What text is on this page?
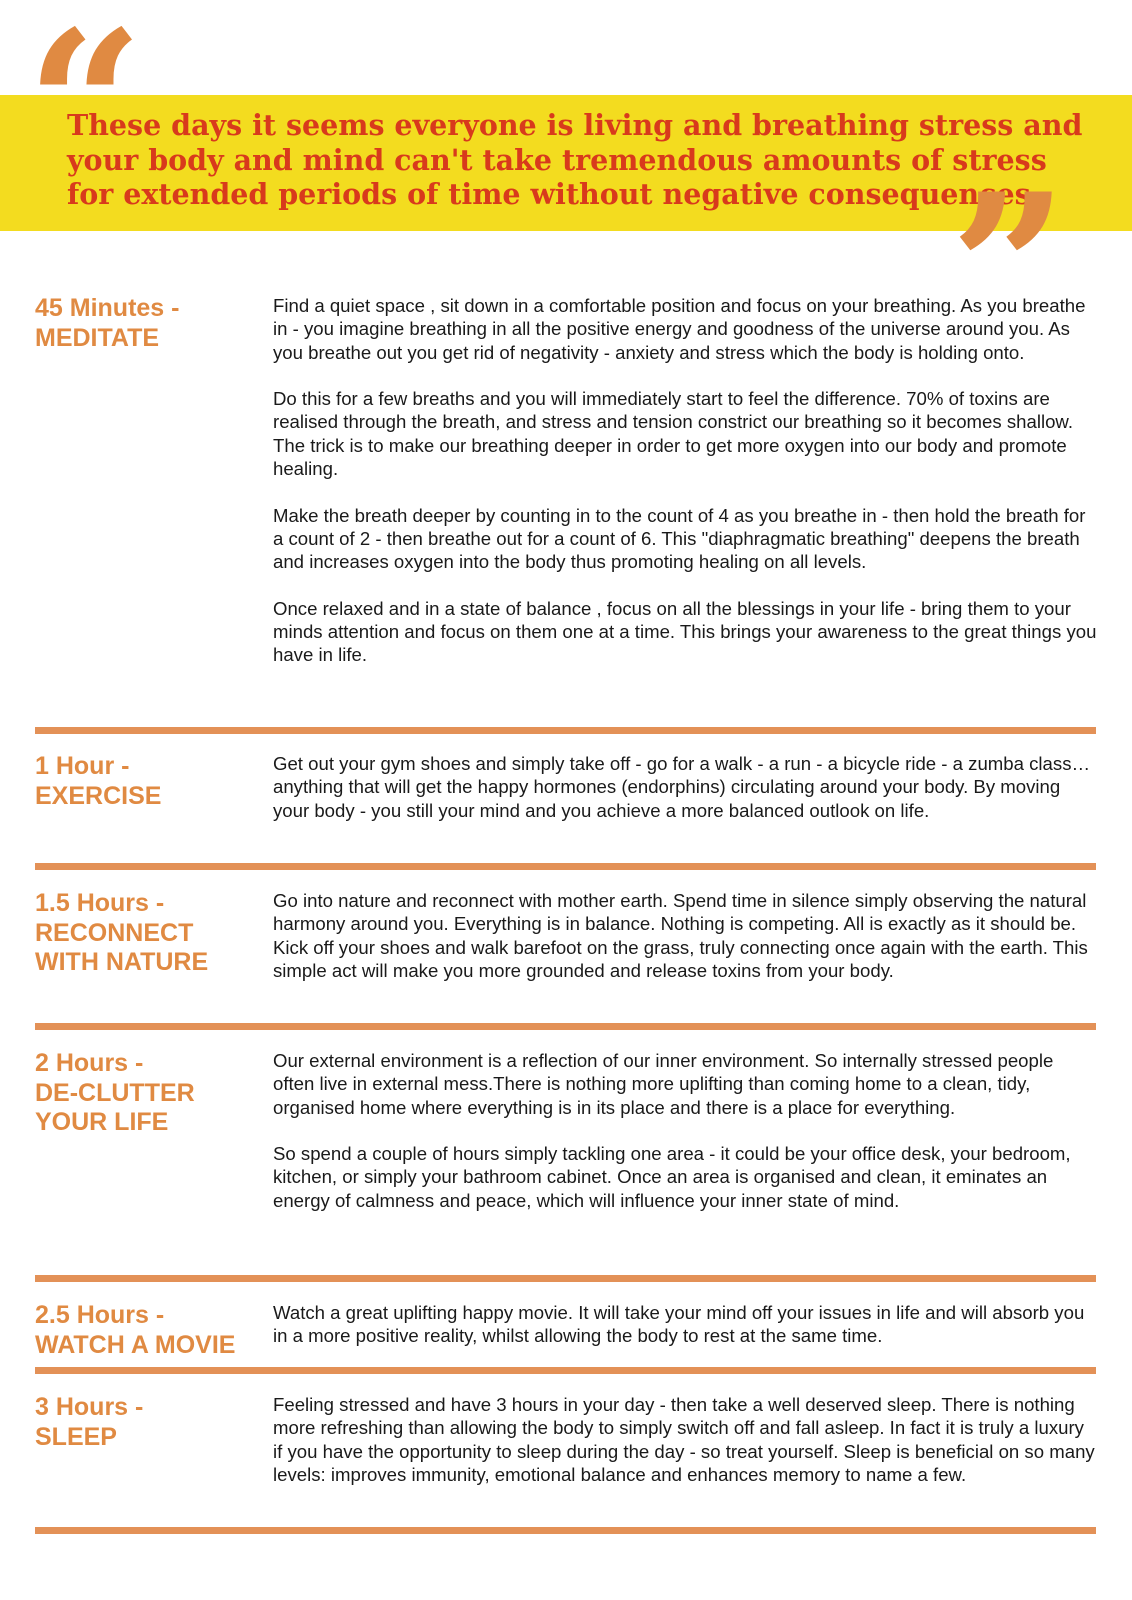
“

These days it seems everyone is living and breathing stress and
your body and mind can't take tremendous amounts of stress
for extended periods of time without negative consequences.

”
45 Minutes -
MEDITATE

Find a quiet space , sit down in a comfortable position and focus on your breathing. As you breathe in - you imagine breathing in all the positive energy and goodness of the universe around you. As you breathe out you get rid of negativity - anxiety and stress which the body is holding onto.

Do this for a few breaths and you will immediately start to feel the difference. 70% of toxins are realised through the breath, and stress and tension constrict our breathing so it becomes shallow. The trick is to make our breathing deeper in order to get more oxygen into our body and promote healing.

Make the breath deeper by counting in to the count of 4 as you breathe in - then hold the breath for a count of 2 - then breathe out for a count of 6. This "diaphragmatic breathing" deepens the breath and increases oxygen into the body thus promoting healing on all levels.

Once relaxed and in a state of balance , focus on all the blessings in your life - bring them to your minds attention and focus on them one at a time. This brings your awareness to the great things you have in life.

1 Hour -
EXERCISE

Get out your gym shoes and simply take off - go for a walk - a run - a bicycle ride - a zumba class…anything that will get the happy hormones (endorphins) circulating around your body. By moving your body - you still your mind and you achieve a more balanced outlook on life.

1.5 Hours -
RECONNECT
WITH NATURE

Go into nature and reconnect with mother earth. Spend time in silence simply observing the natural harmony around you. Everything is in balance. Nothing is competing. All is exactly as it should be. Kick off your shoes and walk barefoot on the grass, truly connecting once again with the earth. This simple act will make you more grounded and release toxins from your body.

2 Hours -
DE-CLUTTER
YOUR LIFE

Our external environment is a reflection of our inner environment. So internally stressed people often live in external mess.There is nothing more uplifting than coming home to a clean, tidy, organised home where everything is in its place and there is a place for everything.

So spend a couple of hours simply tackling one area - it could be your office desk, your bedroom, kitchen, or simply your bathroom cabinet. Once an area is organised and clean, it eminates an energy of calmness and peace, which will influence your inner state of mind.

2.5 Hours -
WATCH A MOVIE

Watch a great uplifting happy movie. It will take your mind off your issues in life and will absorb you in a more positive reality, whilst allowing the body to rest at the same time.

3 Hours -
SLEEP

Feeling stressed and have 3 hours in your day - then take a well deserved sleep. There is nothing more refreshing than allowing the body to simply switch off and fall asleep. In fact it is truly a luxury if you have the opportunity to sleep during the day - so treat yourself. Sleep is beneficial on so many levels: improves immunity, emotional balance and enhances memory to name a few.
